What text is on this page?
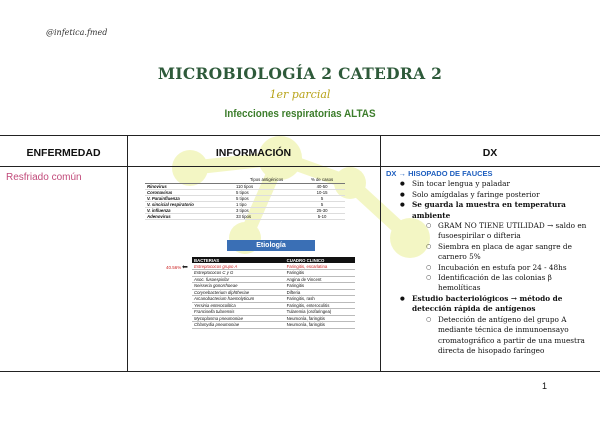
@infetica.fmed
MICROBIOLOGÍA 2 CATEDRA 2
1er parcial
Infecciones respiratorias ALTAS
ENFERMEDAD	INFORMACIÓN	DX
Resfriado común
		Tipos antigénicos	% de casos
Rinovirus	110 tipos	40-50
Coronavirus	5 tipos	10-15
V. Parainfluenza	5 tipos	5
V. sincicial respiratorio	1 tipo	5
V. influenza	3 tipos	25-30
Adenovirus	33 tipos	5-10
Etiología
40.56% ⬅
BACTERIAS	CUADRO CLINICO
Estreptococos grupo A	Faringitis, escarlatina
Estreptococos C y G	Faringitis
Asoc. fusoespirilar	Angina de Vincent
Neisseria gonorrhoeae	Faringitis
Corynebacterium diphtheriae	Difteria
Arcanobacterium haemolyticum	Faringitis, rash
Yersinia enterocolitica	Faringitis, enterocolitis
Francisella tularensis	Tularemia (orofaringea)
Mycoplasma pneumoniae	Neumonía, faringitis
Chlamydia pneumoniae	Neumonía, faringitis
DX → HISOPADO DE FAUCES
● Sin tocar lengua y paladar
● Solo amígdalas y faringe posterior
● Se guarda la muestra en temperatura ambiente
○ GRAM NO TIENE UTILIDAD → saldo en fusoespirilar o difteria
○ Siembra en placa de agar sangre de carnero 5%
○ Incubación en estufa por 24 - 48hs
○ Identificación de las colonias β hemolíticas
● Estudio bacteriológicos → método de detección rápida de antígenos
○ Detección de antígeno del grupo A mediante técnica de inmunoensayo cromatográfico a partir de una muestra directa de hisopado faríngeo
1
